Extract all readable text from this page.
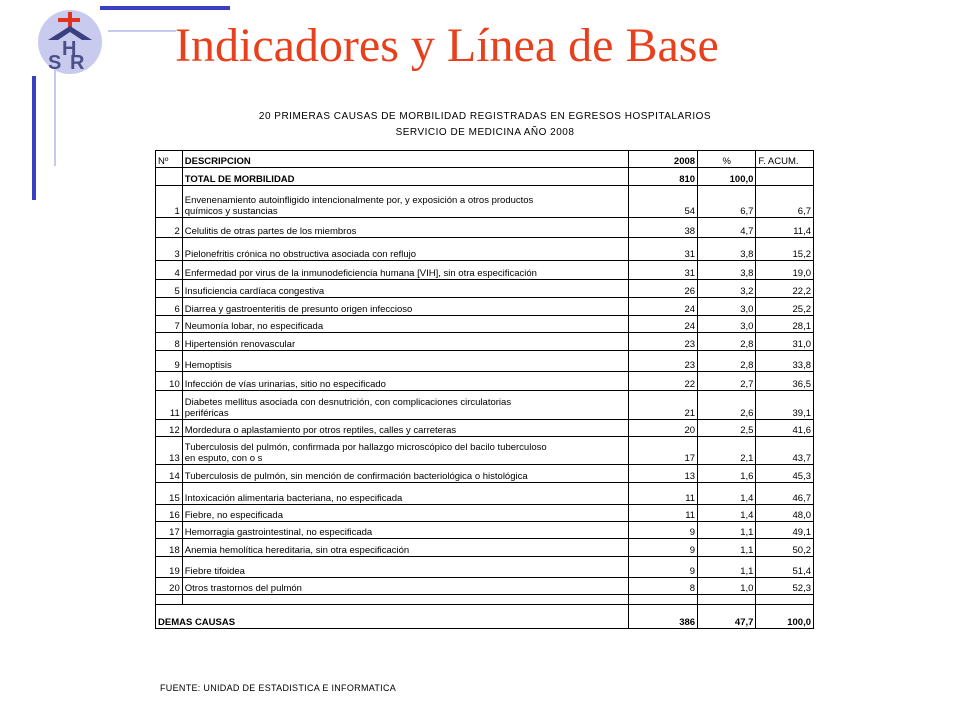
H
S R Indicadores y Línea de Base
20 PRIMERAS CAUSAS DE MORBILIDAD REGISTRADAS EN EGRESOS HOSPITALARIOS
SERVICIO DE MEDICINA AÑO 2008
Nº	DESCRIPCION	2008	%	F. ACUM.
	TOTAL DE MORBILIDAD	810	100,0	
1	Envenenamiento autoinfligido intencionalmente por, y exposición a otros productos
químicos y sustancias	54	6,7	6,7
2	Celulitis de otras partes de los miembros	38	4,7	11,4
3	Pielonefritis crónica no obstructiva asociada con reflujo	31	3,8	15,2
4	Enfermedad por virus de la inmunodeficiencia humana [VIH], sin otra especificación	31	3,8	19,0
5	Insuficiencia cardíaca congestiva	26	3,2	22,2
6	Diarrea y gastroenteritis de presunto origen infeccioso	24	3,0	25,2
7	Neumonía lobar, no especificada	24	3,0	28,1
8	Hipertensión renovascular	23	2,8	31,0
9	Hemoptisis	23	2,8	33,8
10	Infección de vías urinarias, sitio no especificado	22	2,7	36,5
11	Diabetes mellitus asociada con desnutrición, con complicaciones circulatorias
periféricas	21	2,6	39,1
12	Mordedura o aplastamiento por otros reptiles, calles y carreteras	20	2,5	41,6
13	Tuberculosis del pulmón, confirmada por hallazgo microscópico del bacilo tuberculoso
en esputo, con o s	17	2,1	43,7
14	Tuberculosis de pulmón, sin mención de confirmación bacteriológica o histológica	13	1,6	45,3
15	Intoxicación alimentaria bacteriana, no especificada	11	1,4	46,7
16	Fiebre, no especificada	11	1,4	48,0
17	Hemorragia gastrointestinal, no especificada	9	1,1	49,1
18	Anemia hemolítica hereditaria, sin otra especificación	9	1,1	50,2
19	Fiebre tifoidea	9	1,1	51,4
20	Otros trastornos del pulmón	8	1,0	52,3

DEMAS CAUSAS		386	47,7	100,0
FUENTE: UNIDAD DE ESTADISTICA E INFORMATICA
